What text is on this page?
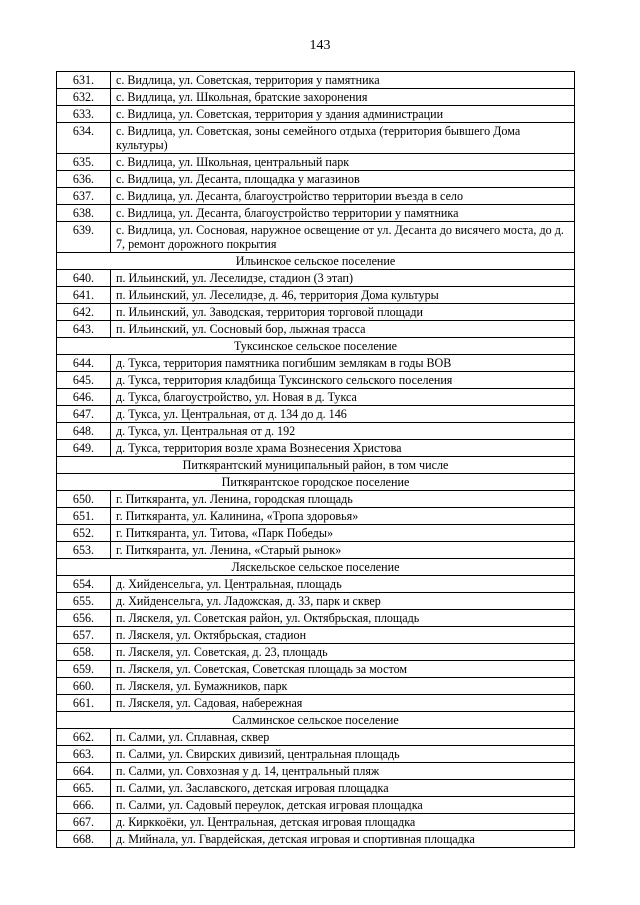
143
631.	с. Видлица, ул. Советская, территория у памятника
632.	с. Видлица, ул. Школьная, братские захоронения
633.	с. Видлица, ул. Советская, территория у здания администрации
634.	с. Видлица, ул. Советская, зоны семейного отдыха (территория бывшего Дома культуры)
635.	с. Видлица, ул. Школьная, центральный парк
636.	с. Видлица, ул. Десанта, площадка у магазинов
637.	с. Видлица, ул. Десанта, благоустройство территории въезда в село
638.	с. Видлица, ул. Десанта, благоустройство территории у памятника
639.	с. Видлица, ул. Сосновая, наружное освещение от ул. Десанта до висячего моста, до д. 7, ремонт дорожного покрытия
Ильинское сельское поселение	
640.	п. Ильинский, ул. Леселидзе, стадион (3 этап)
641.	п. Ильинский, ул. Леселидзе, д. 46, территория Дома культуры
642.	п. Ильинский, ул. Заводская, территория торговой площади
643.	п. Ильинский, ул. Сосновый бор, лыжная трасса
Туксинское сельское поселение	
644.	д. Тукса, территория памятника погибшим землякам в годы ВОВ
645.	д. Тукса, территория кладбища Туксинского сельского поселения
646.	д. Тукса, благоустройство, ул. Новая в д. Тукса
647.	д. Тукса, ул. Центральная, от д. 134 до д. 146
648.	д. Тукса, ул. Центральная от д. 192
649.	д. Тукса, территория возле храма Вознесения Христова
Питкярантский муниципальный район, в том числе	
Питкярантское городское поселение	
650.	г. Питкяранта, ул. Ленина, городская площадь
651.	г. Питкяранта, ул. Калинина, «Тропа здоровья»
652.	г. Питкяранта, ул. Титова, «Парк Победы»
653.	г. Питкяранта, ул. Ленина, «Старый рынок»
Ляскельское сельское поселение	
654.	д. Хийденсельга, ул. Центральная, площадь
655.	д. Хийденсельга, ул. Ладожская, д. 33, парк и сквер
656.	п. Ляскеля, ул. Советская район, ул. Октябрьская, площадь
657.	п. Ляскеля, ул. Октябрьская, стадион
658.	п. Ляскеля, ул. Советская, д. 23, площадь
659.	п. Ляскеля, ул. Советская, Советская площадь за мостом
660.	п. Ляскеля, ул. Бумажников, парк
661.	п. Ляскеля, ул. Садовая, набережная
Салминское сельское поселение	
662.	п. Салми, ул. Сплавная, сквер
663.	п. Салми, ул. Свирских дивизий, центральная площадь
664.	п. Салми, ул. Совхозная у д. 14, центральный пляж
665.	п. Салми, ул. Заславского, детская игровая площадка
666.	п. Салми, ул. Садовый переулок, детская игровая площадка
667.	д. Кирккоёки, ул. Центральная, детская игровая площадка
668.	д. Мийнала, ул. Гвардейская, детская игровая и спортивная площадка
